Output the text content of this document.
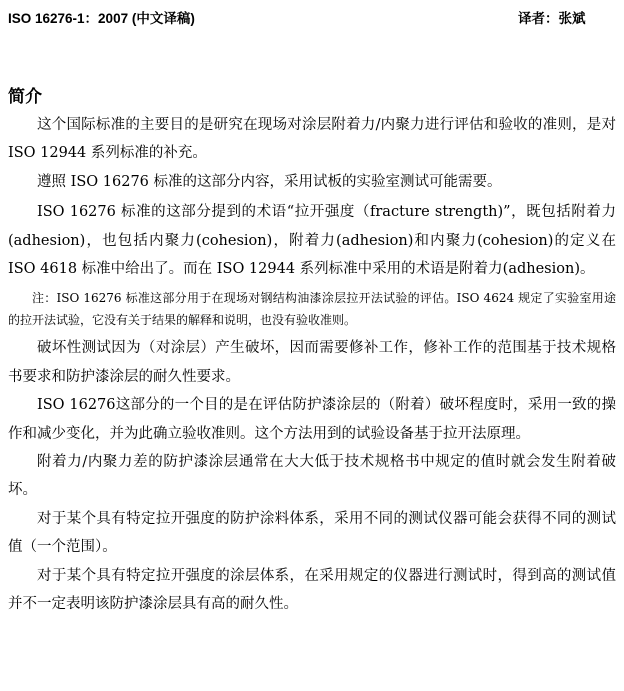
ISO 16276-1：2007 (中文译稿)	译者：张斌
简介

这个国际标准的主要目的是研究在现场对涂层附着力/内聚力进行评估和验收的准则，是对 ISO 12944 系列标准的补充。

遵照 ISO 16276 标准的这部分内容，采用试板的实验室测试可能需要。

ISO 16276 标准的这部分提到的术语“拉开强度（fracture strength)”，既包括附着力(adhesion)，也包括内聚力(cohesion)，附着力(adhesion)和内聚力(cohesion)的定义在 ISO 4618 标准中给出了。而在 ISO 12944 系列标准中采用的术语是附着力(adhesion)。

注：ISO 16276 标准这部分用于在现场对钢结构油漆涂层拉开法试验的评估。ISO 4624 规定了实验室用途的拉开法试验，它没有关于结果的解释和说明，也没有验收准则。

破坏性测试因为（对涂层）产生破坏，因而需要修补工作，修补工作的范围基于技术规格书要求和防护漆涂层的耐久性要求。

ISO 16276这部分的一个目的是在评估防护漆涂层的（附着）破坏程度时，采用一致的操作和减少变化，并为此确立验收准则。这个方法用到的试验设备基于拉开法原理。

附着力/内聚力差的防护漆涂层通常在大大低于技术规格书中规定的值时就会发生附着破坏。

对于某个具有特定拉开强度的防护涂料体系，采用不同的测试仪器可能会获得不同的测试值（一个范围）。

对于某个具有特定拉开强度的涂层体系，在采用规定的仪器进行测试时，得到高的测试值并不一定表明该防护漆涂层具有高的耐久性。
